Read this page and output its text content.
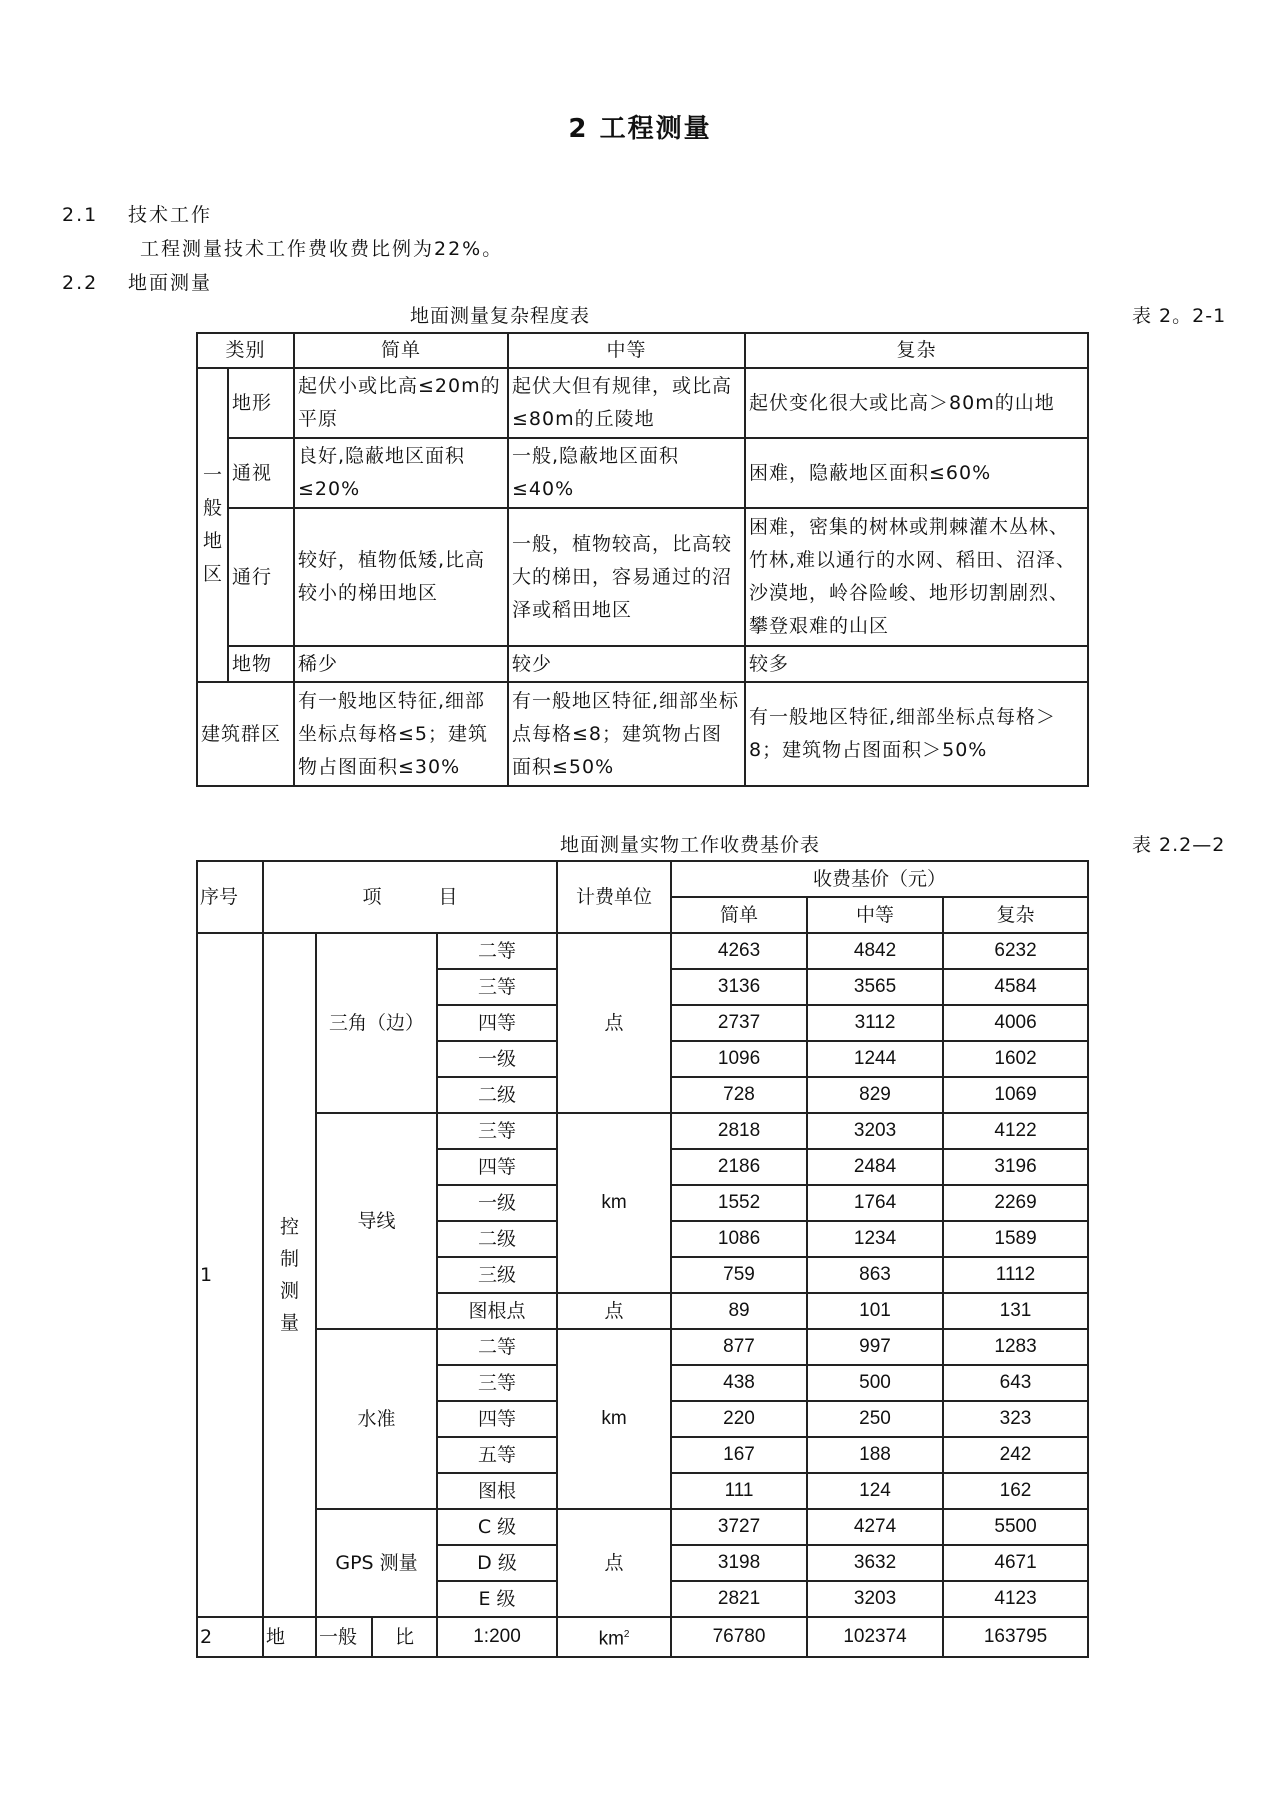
2 工程测量
2.1 技术工作
工程测量技术工作费收费比例为22%。
2.2 地面测量
地面测量复杂程度表	表 2。2-1
类别		简单	中等	复杂

一般地区	地形	起伏小或比高≤20m的平原	起伏大但有规律，或比高≤80m的丘陵地	起伏变化很大或比高＞80m的山地
	通视	良好,隐蔽地区面积≤20%	一般,隐蔽地区面积≤40%	困难，隐蔽地区面积≤60%
	通行	较好，植物低矮,比高较小的梯田地区	一般，植物较高，比高较大的梯田，容易通过的沼泽或稻田地区	困难，密集的树林或荆棘灌木丛林、竹林,难以通行的水网、稻田、沼泽、沙漠地，岭谷险峻、地形切割剧烈、攀登艰难的山区
	地物	稀少	较少	较多
建筑群区		有一般地区特征,细部坐标点每格≤5；建筑物占图面积≤30%	有一般地区特征,细部坐标点每格≤8；建筑物占图面积≤50%	有一般地区特征,细部坐标点每格＞8；建筑物占图面积＞50%
地面测量实物工作收费基价表	表 2.2—2
序号	项　　　目				计费单位	收费基价（元）		
						简单	中等	复杂
1	控制测量	三角（边）		二等	点	4263	4842	6232
				三等		3136	3565	4584
				四等		2737	3112	4006
				一级		1096	1244	1602
				二级		728	829	1069
		导线		三等	km	2818	3203	4122
				四等		2186	2484	3196
				一级		1552	1764	2269
				二级		1086	1234	1589
				三级		759	863	1112
				图根点	点	89	101	131
		水准		二等	km	877	997	1283
				三等		438	500	643
				四等		220	250	323
				五等		167	188	242
				图根		111	124	162
		GPS 测量		C 级	点	3727	4274	5500
				D 级		3198	3632	4671
				E 级		2821	3203	4123
2	地	一般	比	1:200	$km^2$	76780	102374	163795
